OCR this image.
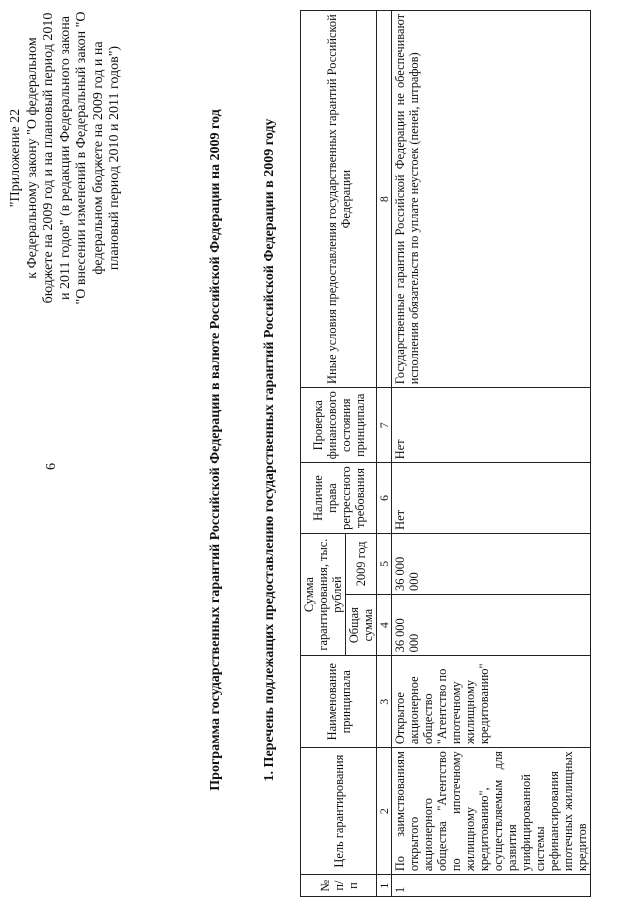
6
"Приложение 22 к Федеральному закону "О федеральном бюджете на 2009 год и на плановый период 2010 и 2011 годов" (в редакции Федерального закона "О внесении изменений в Федеральный закон "О федеральном бюджете на 2009 год и на плановый период 2010 и 2011 годов")	Программа государственных гарантий Российской Федерации в валюте Российской Федерации на 2009 год	1. Перечень подлежащих предоставлению государственных гарантий Российской Федерации в 2009 году
№ п/п	Цель гарантирования	Наименование принципала	Сумма гарантирования, тыс. рублей		Наличие права регрессного требования	Проверка финансового состояния принципала	Иные условия предоставления государственных гарантий Российской Федерации
			Общая сумма	2009 год			
1	2	3	4	5	6	7	8
1	По заимствованиям открытого акционерного общества "Агентство по ипотечному жилищному кредитованию", осуществляемым для развития унифицированной системы рефинансирования ипотечных жилищных кредитов	Открытое акционерное общество "Агентство по ипотечному жилищному кредитованию"	36 000 000	36 000 000	Нет	Нет	Государственные гарантии Российской Федерации не обеспечивают исполнения обязательств по уплате неустоек (пеней, штрафов)
